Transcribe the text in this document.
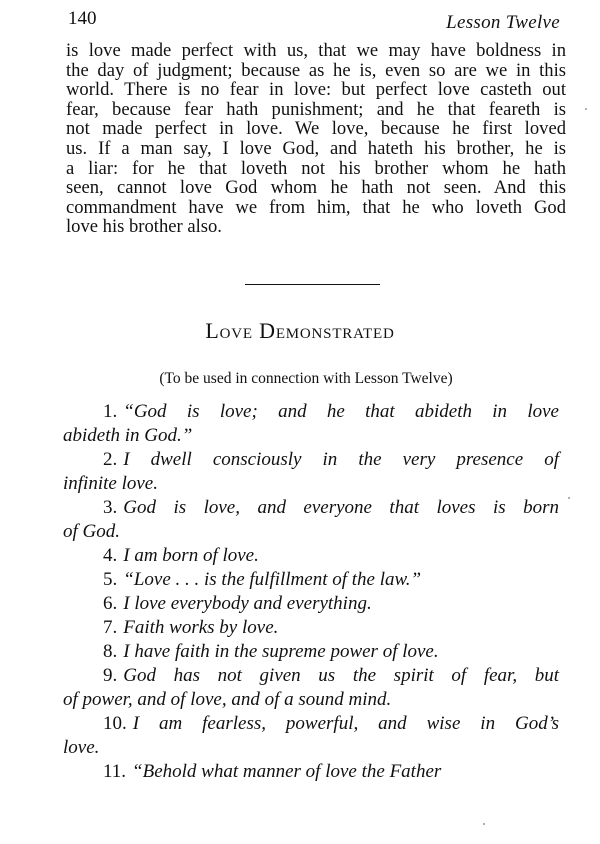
140	Lesson Twelve
is love made perfect with us, that we may have boldness in
the day of judgment; because as he is, even so are we in this
world. There is no fear in love: but perfect love casteth out
fear, because fear hath punishment; and he that feareth is
not made perfect in love. We love, because he first loved
us. If a man say, I love God, and hateth his brother, he is
a liar: for he that loveth not his brother whom he hath
seen, cannot love God whom he hath not seen. And this
commandment have we from him, that he who loveth God
love his brother also.
Love Demonstrated
(To be used in connection with Lesson Twelve)
1. “God is love; and he that abideth in love
abideth in God.”
2. I dwell consciously in the very presence of
infinite love.
3. God is love, and everyone that loves is born
of God.
4. I am born of love.
5. “Love . . . is the fulfillment of the law.”
6. I love everybody and everything.
7. Faith works by love.
8. I have faith in the supreme power of love.
9. God has not given us the spirit of fear, but
of power, and of love, and of a sound mind.
10. I am fearless, powerful, and wise in God’s
love.
11. “Behold what manner of love the Father
